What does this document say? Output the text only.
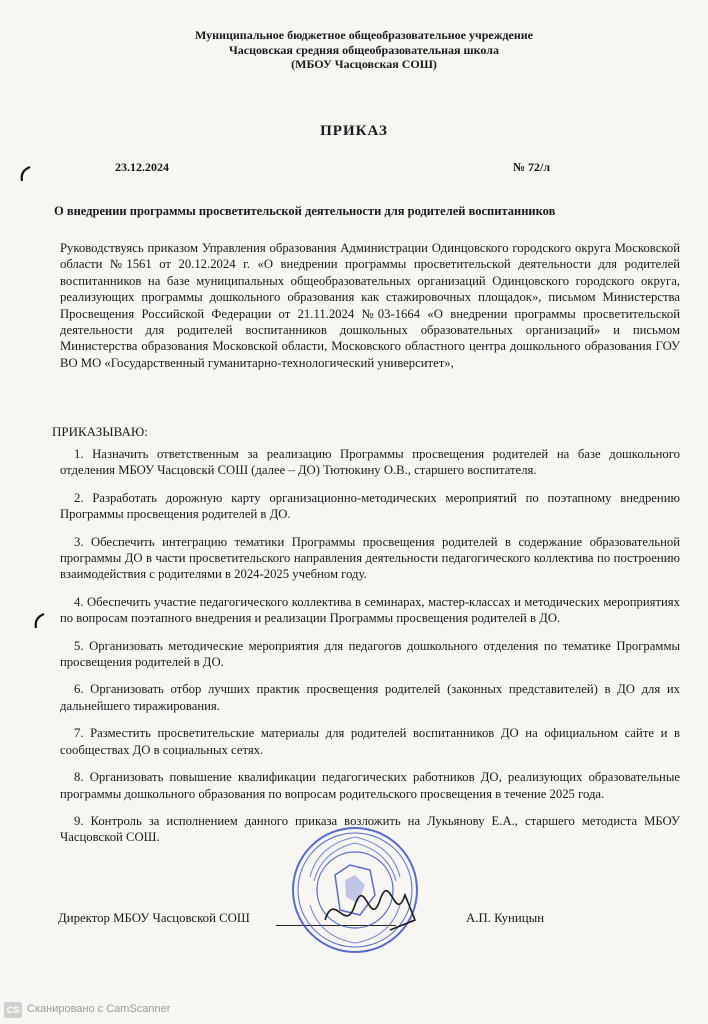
Муниципальное бюджетное общеобразовательное учреждение
Часцовская средняя общеобразовательная школа
(МБОУ Часцовская СОШ)
ПРИКАЗ
23.12.2024	№ 72/л
О внедрении программы просветительской деятельности для родителей воспитанников

Руководствуясь приказом Управления образования Администрации Одинцовского городского округа Московской области №1561 от 20.12.2024 г. «О внедрении программы просветительской деятельности для родителей воспитанников на базе муниципальных общеобразовательных организаций Одинцовского городского округа, реализующих программы дошкольного образования как стажировочных площадок», письмом Министерства Просвещения Российской Федерации от 21.11.2024 №03-1664 «О внедрении программы просветительской деятельности для родителей воспитанников дошкольных образовательных организаций» и письмом Министерства образования Московской области, Московского областного центра дошкольного образования ГОУ ВО МО «Государственный гуманитарно-технологический университет»,

ПРИКАЗЫВАЮ:

1. Назначить ответственным за реализацию Программы просвещения родителей на базе дошкольного отделения МБОУ Часцовскй СОШ (далее – ДО) Тютюкину О.В., старшего воспитателя.

2. Разработать дорожную карту организационно-методических мероприятий по поэтапному внедрению Программы просвещения родителей в ДО.

3. Обеспечить интеграцию тематики Программы просвещения родителей в содержание образовательной программы ДО в части просветительского направления деятельности педагогического коллектива по построению взаимодействия с родителями в 2024-2025 учебном году.

4. Обеспечить участие педагогического коллектива в семинарах, мастер-классах и методических мероприятиях по вопросам поэтапного внедрения и реализации Программы просвещения родителей в ДО.

5. Организовать методические мероприятия для педагогов дошкольного отделения по тематике Программы просвещения родителей в ДО.

6. Организовать отбор лучших практик просвещения родителей (законных представителей) в ДО для их дальнейшего тиражирования.

7. Разместить просветительские материалы для родителей воспитанников ДО на официальном сайте и в сообществах ДО в социальных сетях.

8. Организовать повышение квалификации педагогических работников ДО, реализующих образовательные программы дошкольного образования по вопросам родительского просвещения в течение 2025 года.

9. Контроль за исполнением данного приказа возложить на Лукьянову Е.А., старшего методиста МБОУ Часцовской СОШ.

Директор МБОУ Часцовской СОШ	А.П. Куницын
CS Сканировано с CamScanner
